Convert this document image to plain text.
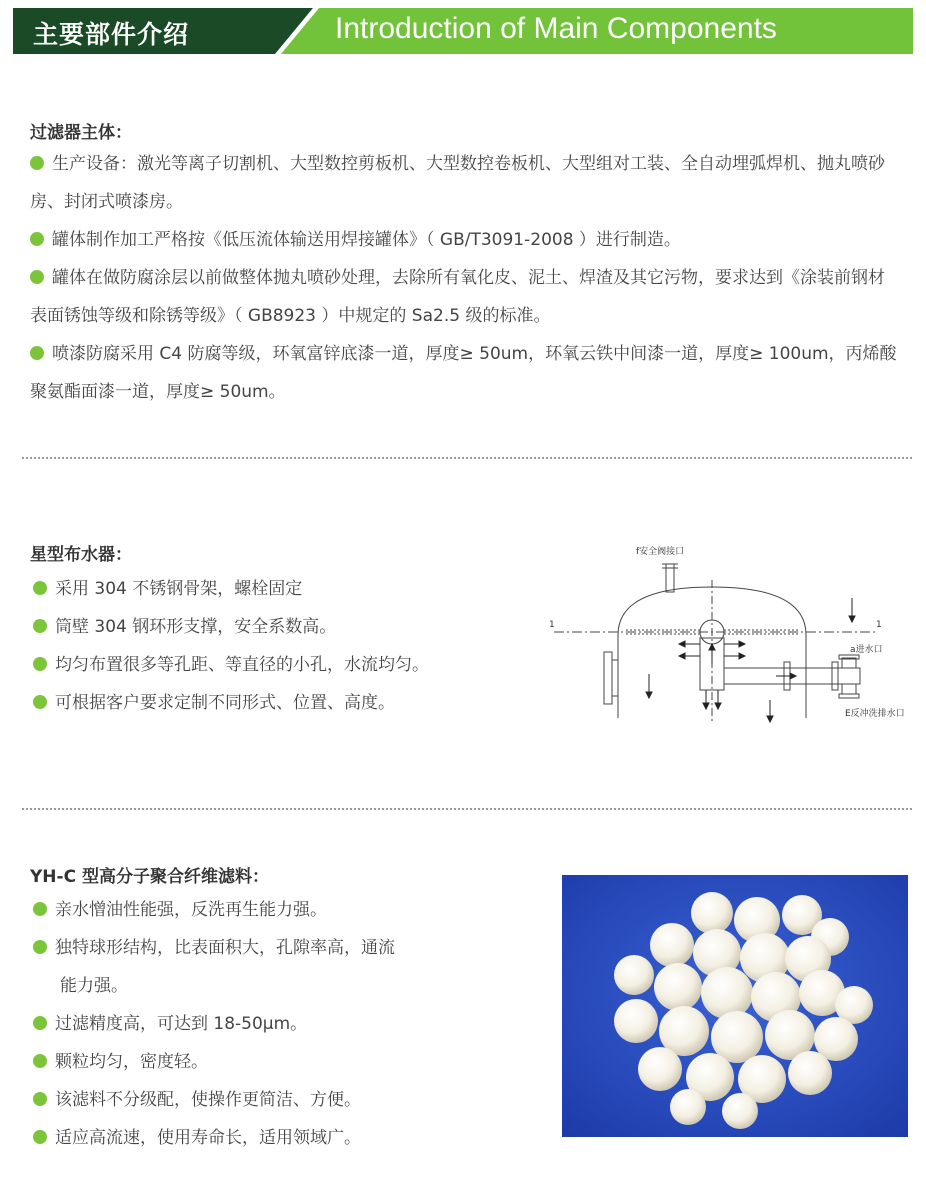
主要部件介绍	Introduction of Main Components
过滤器主体：

生产设备：激光等离子切割机、大型数控剪板机、大型数控卷板机、大型组对工装、全自动埋弧焊机、抛丸喷砂房、封闭式喷漆房。

罐体制作加工严格按《低压流体输送用焊接罐体》（ GB/T3091-2008 ）进行制造。

罐体在做防腐涂层以前做整体抛丸喷砂处理，去除所有氧化皮、泥土、焊渣及其它污物，要求达到《涂装前钢材表面锈蚀等级和除锈等级》（ GB8923 ）中规定的 Sa2.5 级的标准。

喷漆防腐采用 C4 防腐等级，环氧富锌底漆一道，厚度≥ 50um，环氧云铁中间漆一道，厚度≥ 100um，丙烯酸聚氨酯面漆一道，厚度≥ 50um。

星型布水器：
采用 304 不锈钢骨架，螺栓固定
筒壁 304 钢环形支撑，安全系数高。
均匀布置很多等孔距、等直径的小孔，水流均匀。
可根据客户要求定制不同形式、位置、高度。
f安全阀接口
a进水口
E反冲洗排水口
1	1
YH-C 型高分子聚合纤维滤料：
亲水憎油性能强，反洗再生能力强。
独特球形结构，比表面积大，孔隙率高，通流
能力强。
过滤精度高，可达到 18-50μm。
颗粒均匀，密度轻。
该滤料不分级配，使操作更简洁、方便。
适应高流速，使用寿命长，适用领域广。
